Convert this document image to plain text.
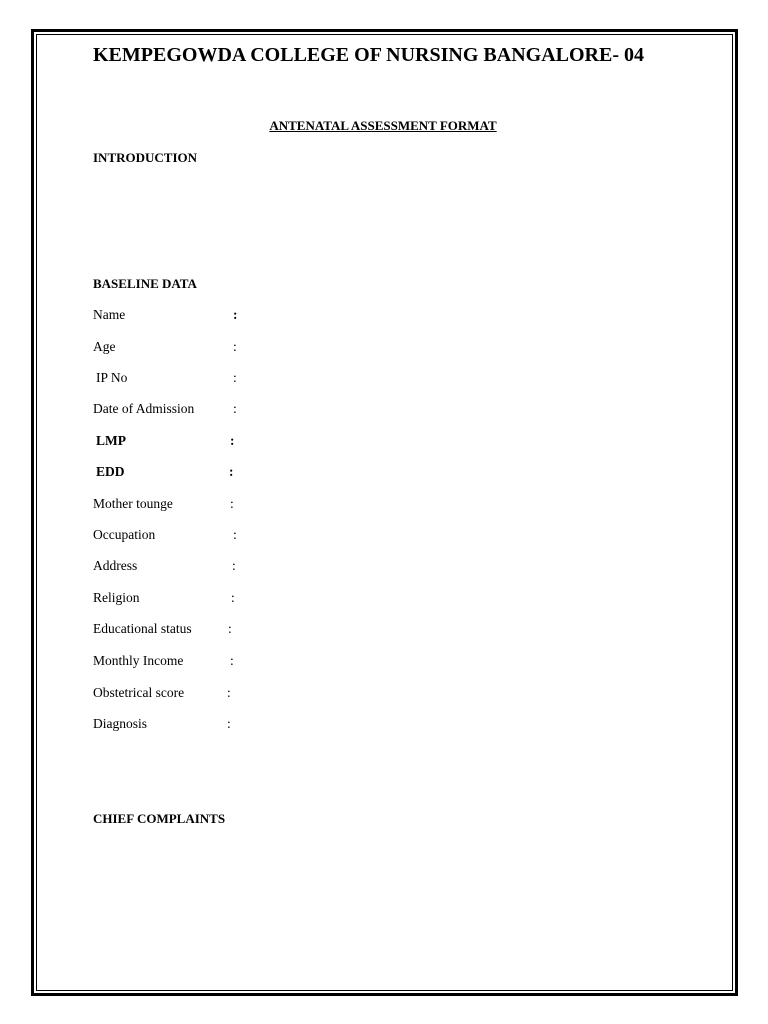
KEMPEGOWDA COLLEGE OF NURSING BANGALORE- 04
ANTENATAL ASSESSMENT FORMAT
INTRODUCTION
BASELINE DATA
Name	:
Age	:
IP No	:
Date of Admission	:
LMP	:
EDD	:
Mother tounge	:
Occupation	:
Address	:
Religion	:
Educational status	:
Monthly Income	:
Obstetrical score	:
Diagnosis	:
CHIEF COMPLAINTS
